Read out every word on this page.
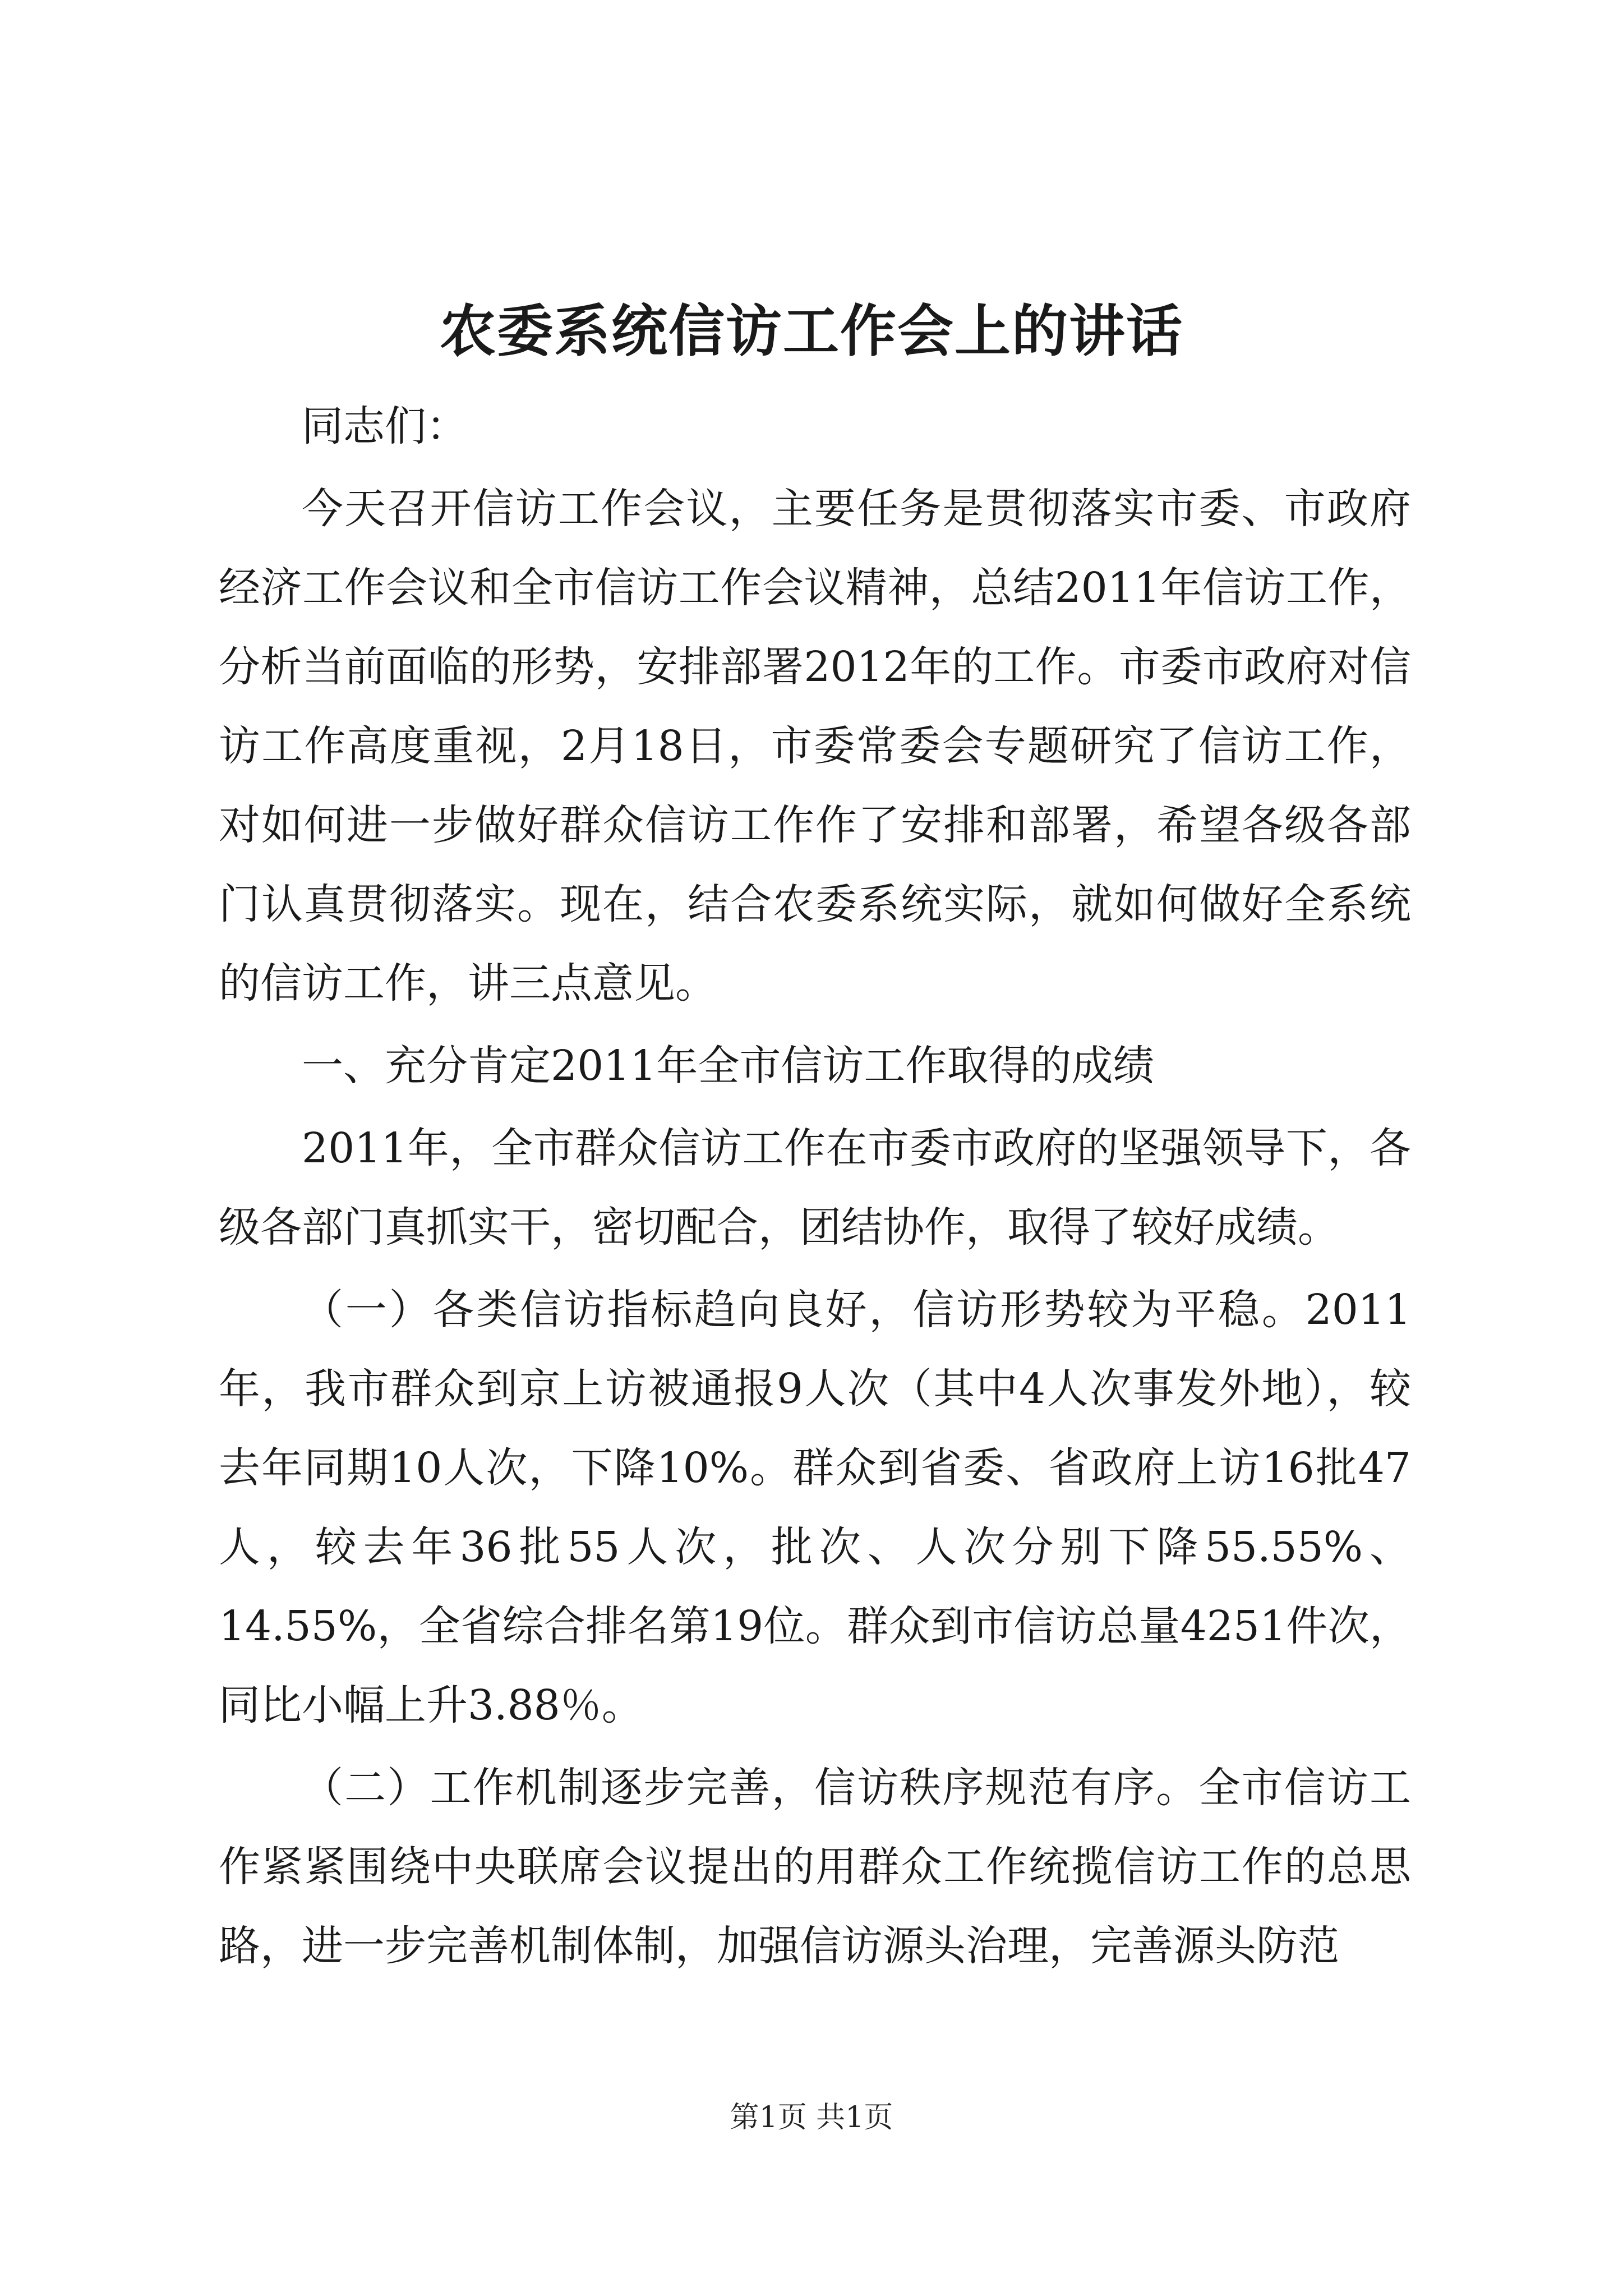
农委系统信访工作会上的讲话

同志们：

今天召开信访工作会议，主要任务是贯彻落实市委、市政府经济工作会议和全市信访工作会议精神，总结2011年信访工作，分析当前面临的形势，安排部署2012年的工作。市委市政府对信访工作高度重视，2月18日，市委常委会专题研究了信访工作，对如何进一步做好群众信访工作作了安排和部署，希望各级各部门认真贯彻落实。现在，结合农委系统实际，就如何做好全系统的信访工作，讲三点意见。

一、充分肯定2011年全市信访工作取得的成绩

2011年，全市群众信访工作在市委市政府的坚强领导下，各级各部门真抓实干，密切配合，团结协作，取得了较好成绩。

（一）各类信访指标趋向良好，信访形势较为平稳。2011年，我市群众到京上访被通报9人次（其中4人次事发外地），较去年同期10人次，下降10%。群众到省委、省政府上访16批47人，较去年36批55人次，批次、人次分别下降55.55%、14.55%，全省综合排名第19位。群众到市信访总量4251件次，同比小幅上升3.88％。

（二）工作机制逐步完善，信访秩序规范有序。全市信访工作紧紧围绕中央联席会议提出的用群众工作统揽信访工作的总思路，进一步完善机制体制，加强信访源头治理，完善源头防范

第1页 共1页
